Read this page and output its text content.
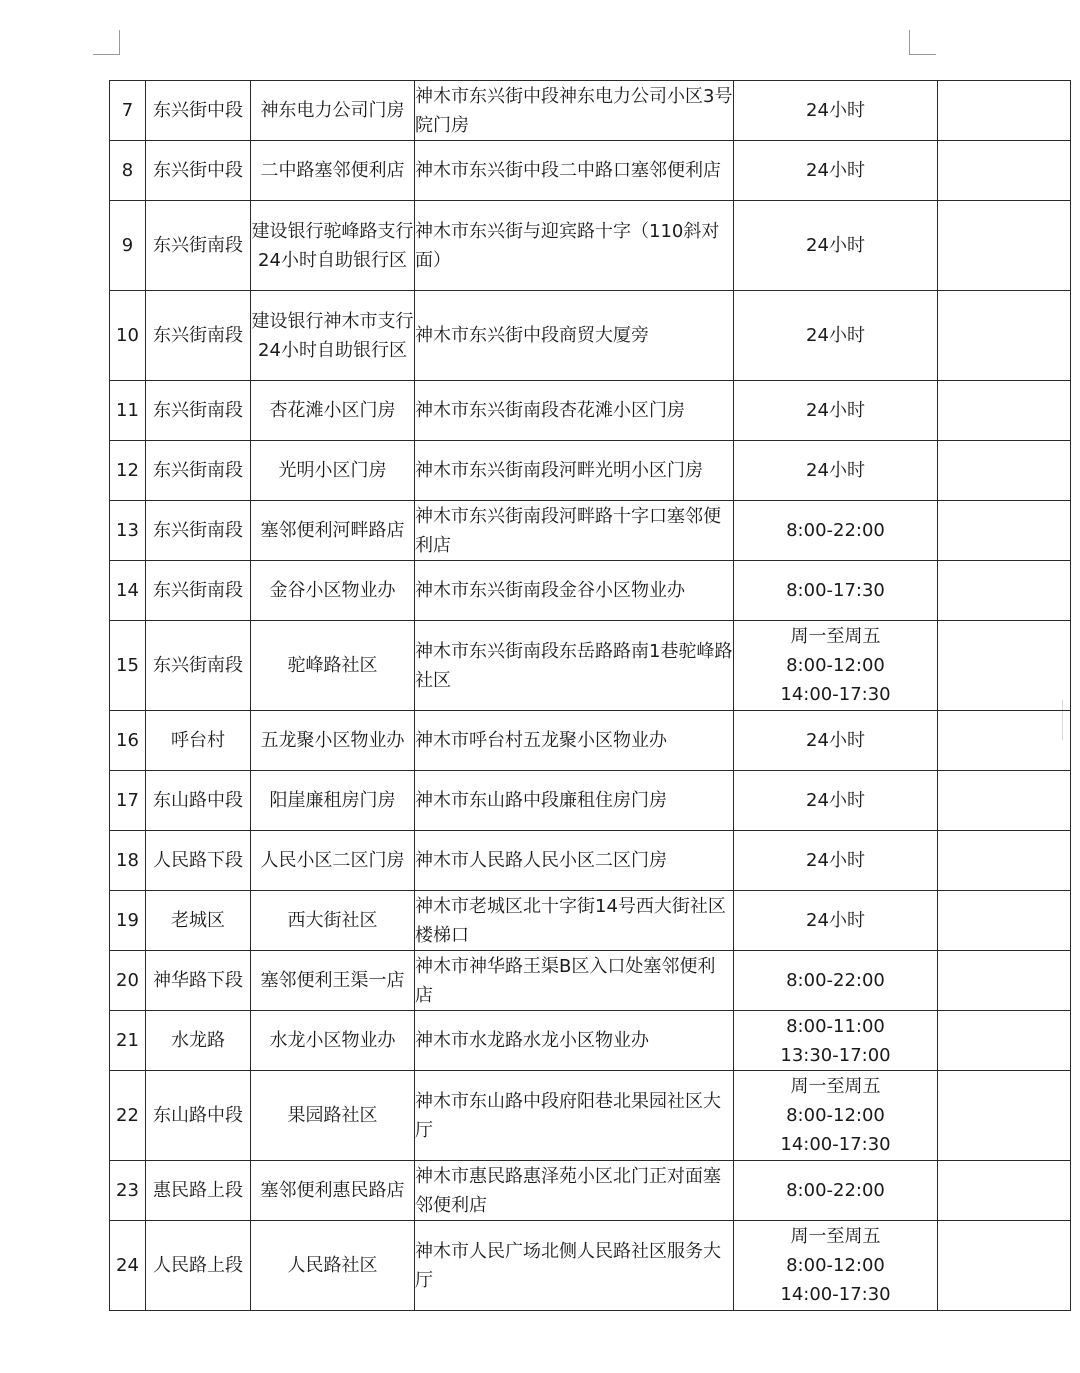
7	东兴街中段	神东电力公司门房	神木市东兴街中段神东电力公司小区3号院门房	24小时	

8	东兴街中段	二中路塞邻便利店	神木市东兴街中段二中路口塞邻便利店	24小时	

9	东兴街南段	建设银行驼峰路支行24小时自助银行区	神木市东兴街与迎宾路十字（110斜对面）	24小时	

10	东兴街南段	建设银行神木市支行24小时自助银行区	神木市东兴街中段商贸大厦旁	24小时	

11	东兴街南段	杏花滩小区门房	神木市东兴街南段杏花滩小区门房	24小时	

12	东兴街南段	光明小区门房	神木市东兴街南段河畔光明小区门房	24小时	

13	东兴街南段	塞邻便利河畔路店	神木市东兴街南段河畔路十字口塞邻便利店	8:00-22:00	

14	东兴街南段	金谷小区物业办	神木市东兴街南段金谷小区物业办	8:00-17:30	

15	东兴街南段	驼峰路社区	神木市东兴街南段东岳路路南1巷驼峰路社区	周一至周五
8:00-12:00
14:00-17:30	

16	呼台村	五龙聚小区物业办	神木市呼台村五龙聚小区物业办	24小时	

17	东山路中段	阳崖廉租房门房	神木市东山路中段廉租住房门房	24小时	

18	人民路下段	人民小区二区门房	神木市人民路人民小区二区门房	24小时	

19	老城区	西大街社区	神木市老城区北十字街14号西大街社区楼梯口	24小时	

20	神华路下段	塞邻便利王渠一店	神木市神华路王渠B区入口处塞邻便利店	8:00-22:00	

21	水龙路	水龙小区物业办	神木市水龙路水龙小区物业办	8:00-11:00
13:30-17:00	

22	东山路中段	果园路社区	神木市东山路中段府阳巷北果园社区大厅	周一至周五
8:00-12:00
14:00-17:30	

23	惠民路上段	塞邻便利惠民路店	神木市惠民路惠泽苑小区北门正对面塞邻便利店	8:00-22:00	

24	人民路上段	人民路社区	神木市人民广场北侧人民路社区服务大厅	周一至周五
8:00-12:00
14:00-17:30	
